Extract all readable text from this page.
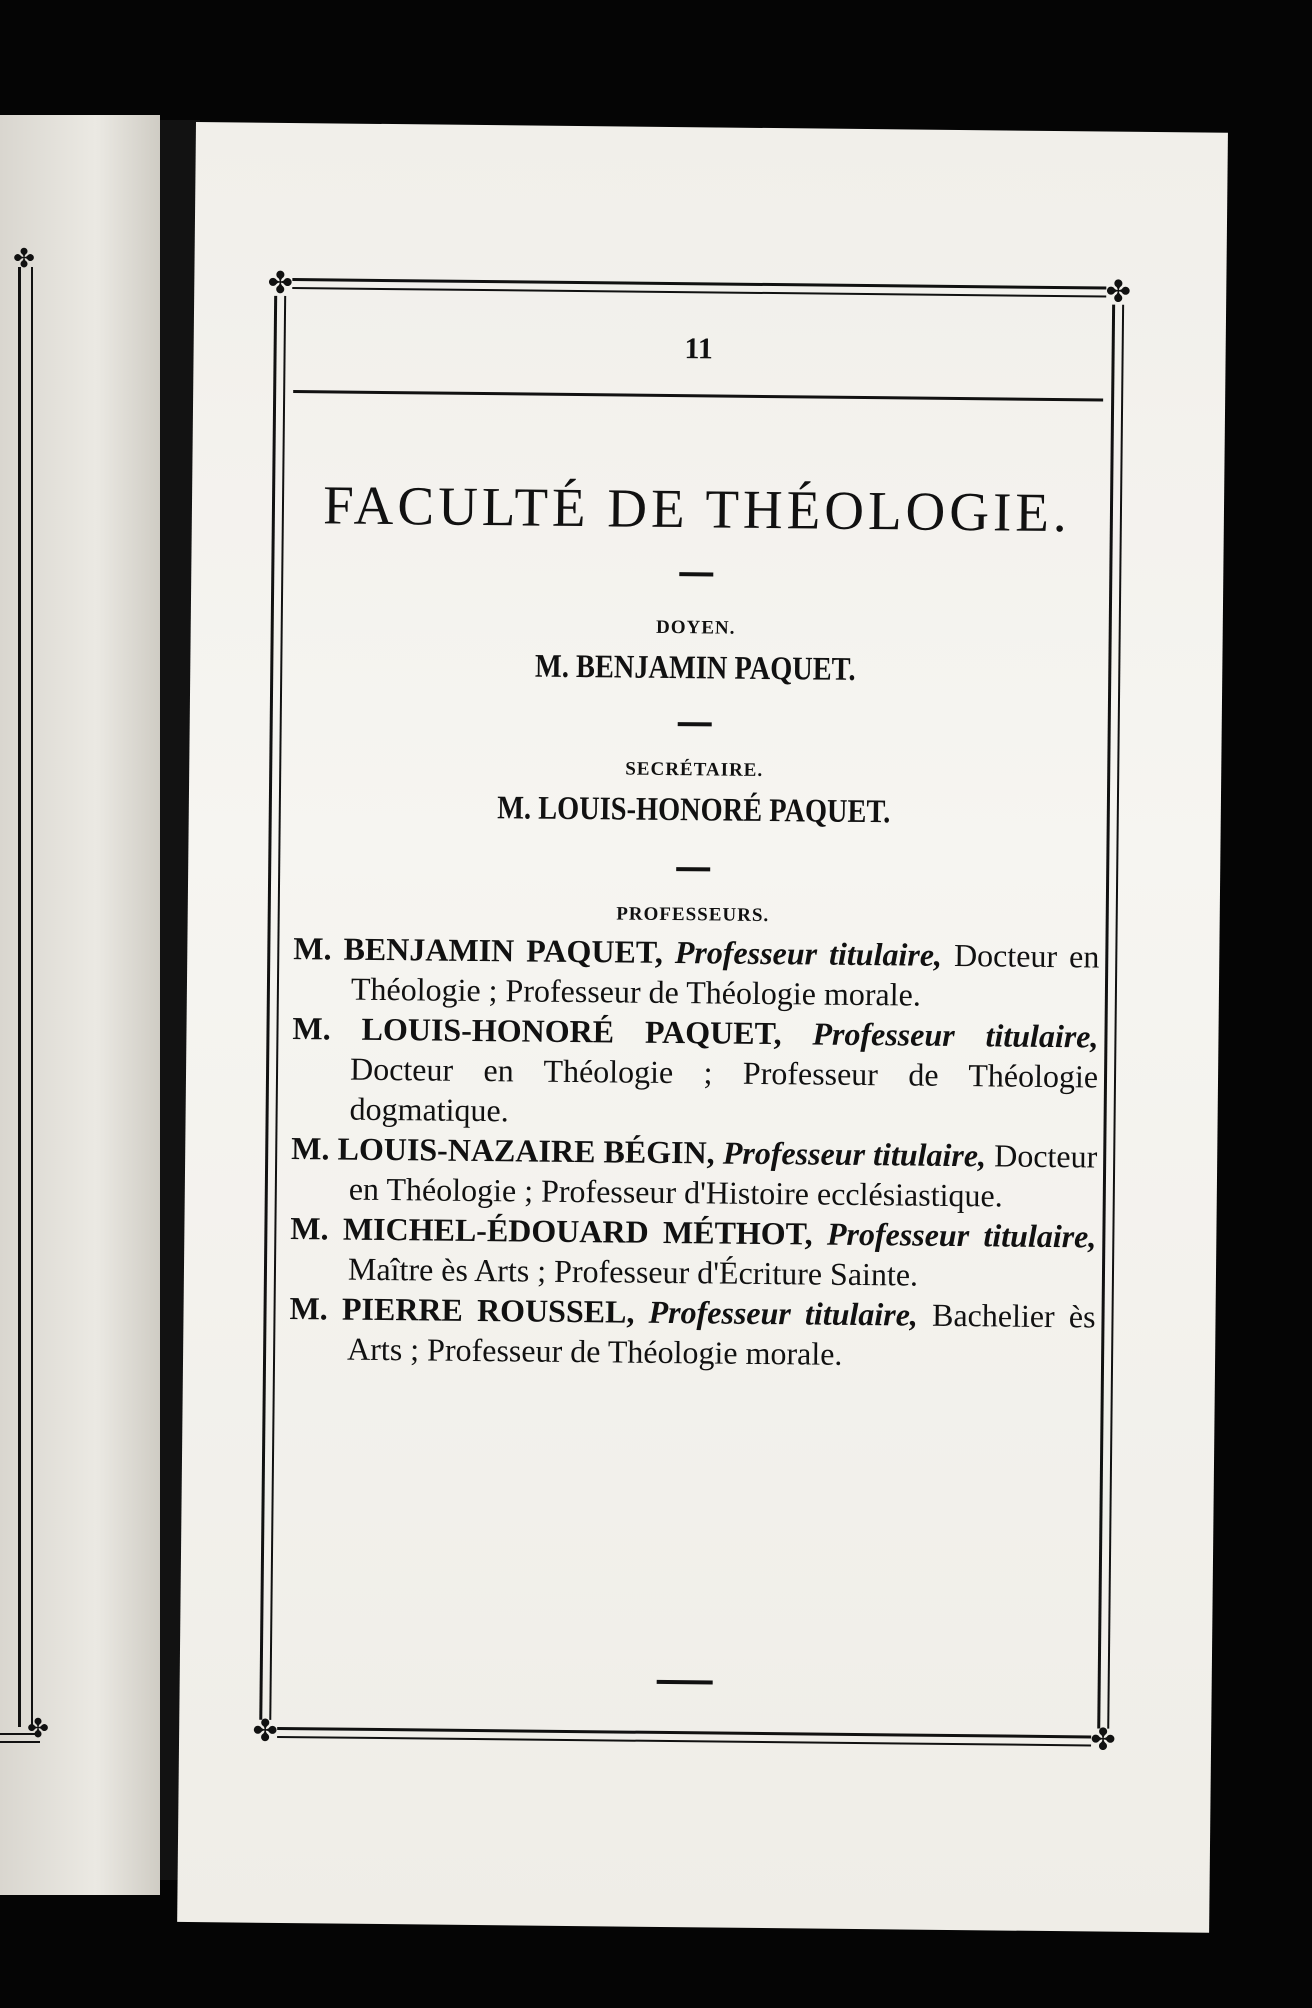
✤
✤
✤	✤
✤	✤
11
FACULTÉ DE THÉOLOGIE.
DOYEN.
M. BENJAMIN PAQUET.
SECRÉTAIRE.
M. LOUIS-HONORÉ PAQUET.
PROFESSEURS.

M. BENJAMIN PAQUET, Professeur titulaire, Docteur en Théologie ; Professeur de Théologie morale.

M. LOUIS-HONORÉ PAQUET, Professeur titulaire, Docteur en Théologie ; Professeur de Théologie dogmatique.

M. LOUIS-NAZAIRE BÉGIN, Professeur titulaire, Docteur en Théologie ; Professeur d'Histoire ecclésiastique.

M. MICHEL-ÉDOUARD MÉTHOT, Professeur titulaire, Maître ès Arts ; Professeur d'Écriture Sainte.

M. PIERRE ROUSSEL, Professeur titulaire, Bachelier ès Arts ; Professeur de Théologie morale.
